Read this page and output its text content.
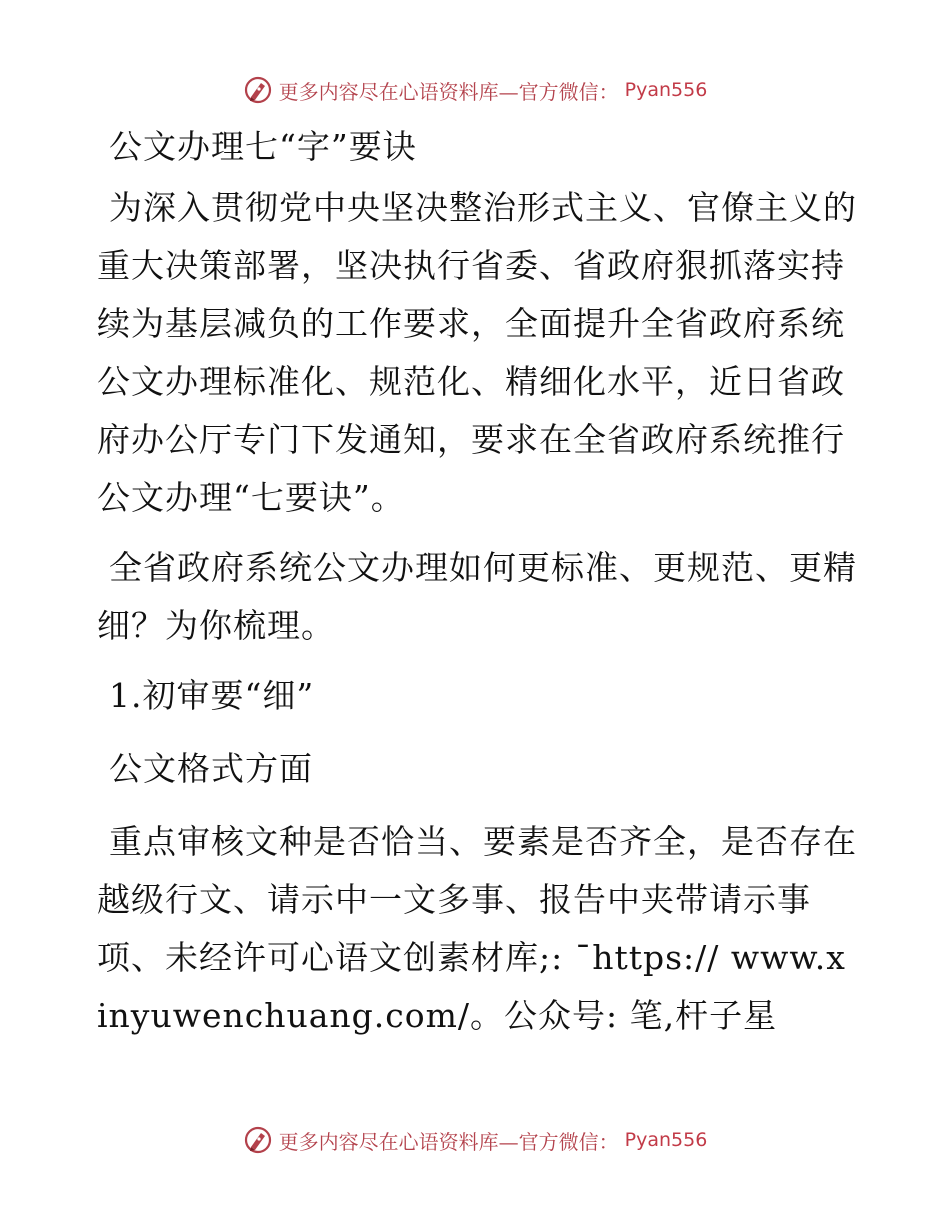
更多内容尽在心语资料库—官方微信： Pyan556

公文办理七“字”要诀

为深入贯彻党中央坚决整治形式主义、官僚主义的重大决策部署，坚决执行省委、省政府狠抓落实持续为基层减负的工作要求，全面提升全省政府系统公文办理标准化、规范化、精细化水平，近日省政府办公厅专门下发通知，要求在全省政府系统推行公文办理“七要诀”。

全省政府系统公文办理如何更标准、更规范、更精细？为你梳理。

1.初审要“细”

公文格式方面

重点审核文种是否恰当、要素是否齐全，是否存在越级行文、请示中一文多事、报告中夹带请示事项、未经许可心语文创素材库;: ¯https:// www.xinyuwenchuang.com/。公众号: 笔,杆子星

更多内容尽在心语资料库—官方微信： Pyan556
